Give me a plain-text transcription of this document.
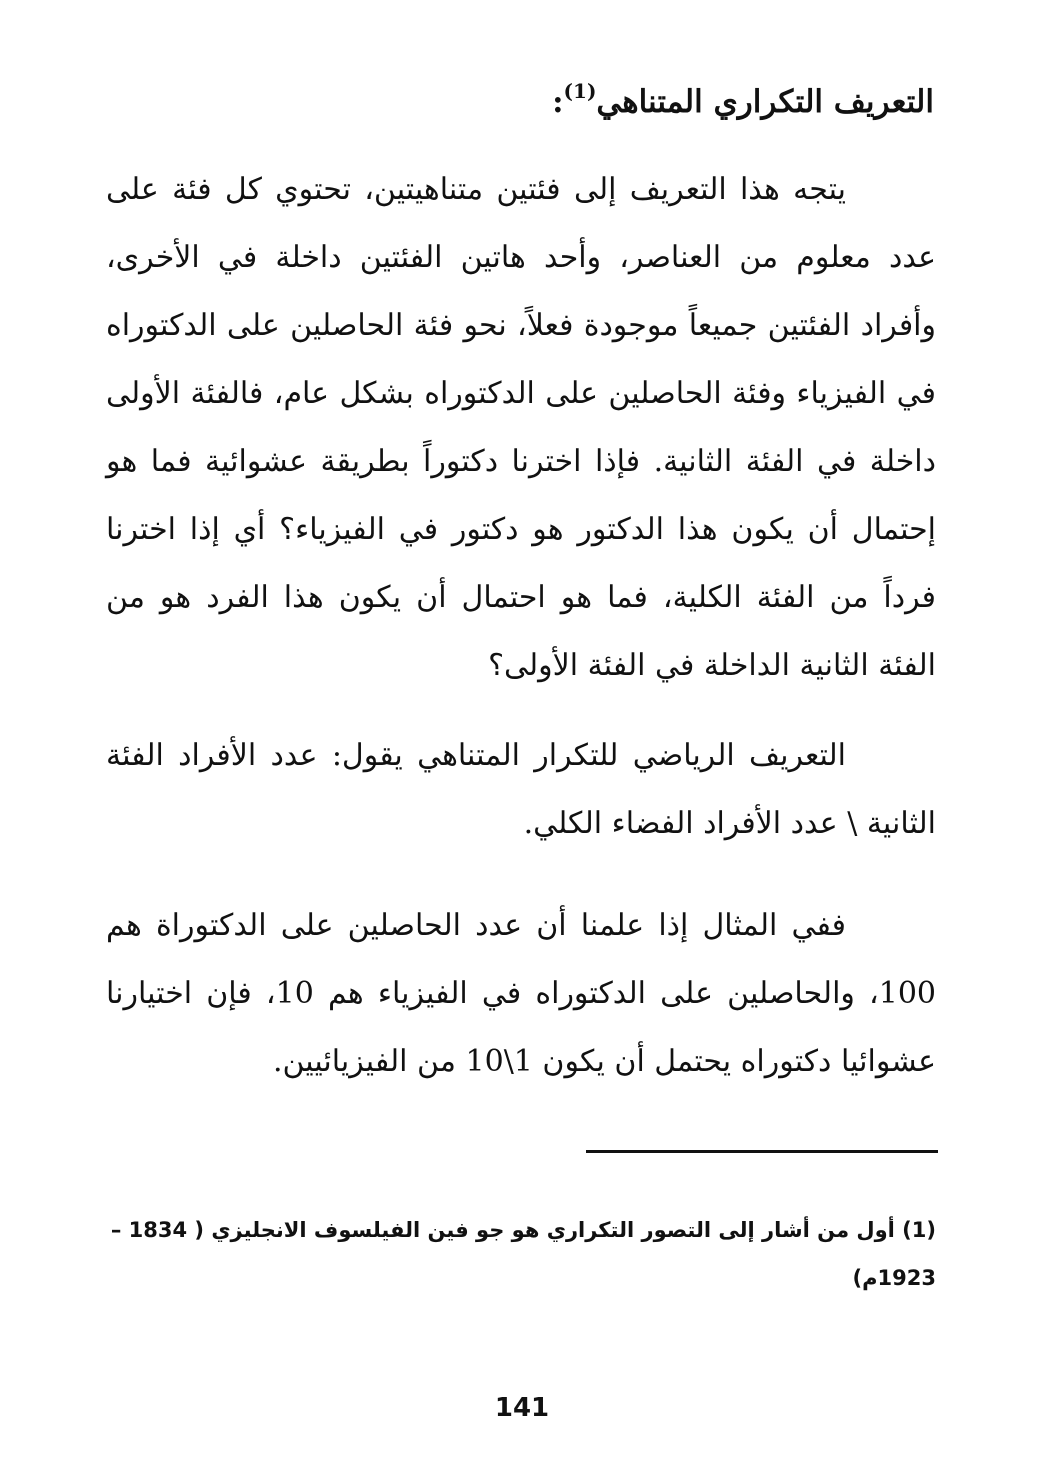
التعريف التكراري المتناهي$^{(1)}$:
يتجه هذا التعريف إلى فئتين متناهيتين، تحتوي كل فئة على عدد معلوم من العناصر، وأحد هاتين الفئتين داخلة في الأخرى، وأفراد الفئتين جميعاً موجودة فعلاً، نحو فئة الحاصلين على الدكتوراه في الفيزياء وفئة الحاصلين على الدكتوراه بشكل عام، فالفئة الأولى داخلة في الفئة الثانية. فإذا اخترنا دكتوراً بطريقة عشوائية فما هو إحتمال أن يكون هذا الدكتور هو دكتور في الفيزياء؟ أي إذا اخترنا فرداً من الفئة الكلية، فما هو احتمال أن يكون هذا الفرد هو من الفئة الثانية الداخلة في الفئة الأولى؟
التعريف الرياضي للتكرار المتناهي يقول: عدد الأفراد الفئة الثانية \ عدد الأفراد الفضاء الكلي.
ففي المثال إذا علمنا أن عدد الحاصلين على الدكتوراة هم 100، والحاصلين على الدكتوراه في الفيزياء هم 10، فإن اختيارنا عشوائيا دكتوراه يحتمل أن يكون 1\10 من الفيزيائيين.
(1) أول من أشار إلى التصور التكراري هو جو فين الفيلسوف الانجليزي ( 1834 – 1923م)
141
